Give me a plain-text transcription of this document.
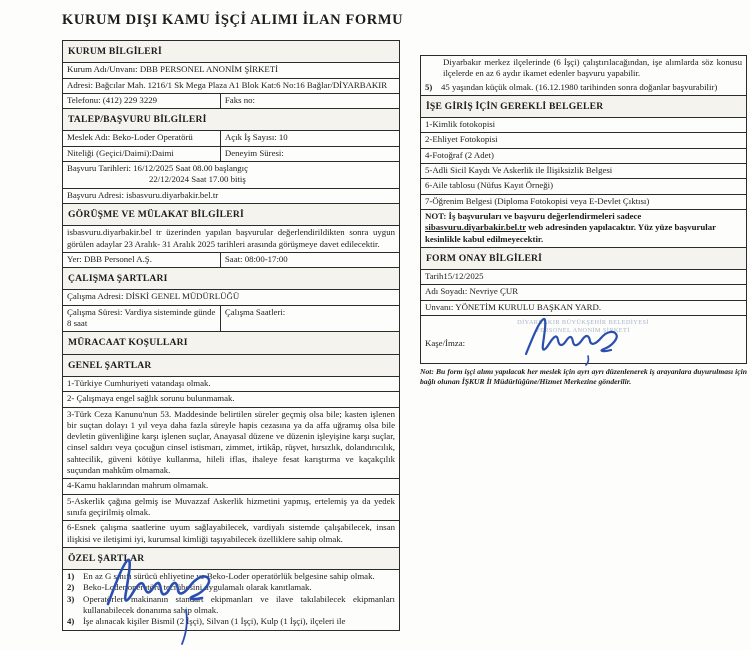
KURUM DIŞI KAMU İŞÇİ ALIMI İLAN FORMU
KURUM BİLGİLERİ
Kurum Adı/Unvanı: DBB PERSONEL ANONİM ŞİRKETİ
Adresi: Bağcılar Mah. 1216/1 Sk Mega Plaza A1 Blok Kat:6 No:16 Bağlar/DİYARBAKIR
Telefonu: (412) 229 3229	Faks no:
TALEP/BAŞVURU BİLGİLERİ
Meslek Adı: Beko-Loder Operatörü	Açık İş Sayısı: 10
Niteliği (Geçici/Daimi):Daimi	Deneyim Süresi:
Başvuru Tarihleri: 16/12/2025 Saat 08.00 başlangıç
22/12/2024 Saat 17.00 bitiş
Başvuru Adresi: isbasvuru.diyarbakir.bel.tr
GÖRÜŞME VE MÜLAKAT BİLGİLERİ
isbasvuru.diyarbakir.bel tr üzerinden yapılan başvurular değerlendirildikten sonra uygun görülen adaylar 23 Aralık- 31 Aralık 2025 tarihleri arasında görüşmeye davet edilecektir.
Yer: DBB Personel A.Ş.	Saat: 08:00-17:00
ÇALIŞMA ŞARTLARI
Çalışma Adresi: DİSKİ GENEL MÜDÜRLÜĞÜ
Çalışma Süresi: Vardiya sisteminde günde 8 saat
Çalışma Saatleri:
MÜRACAAT KOŞULLARI
GENEL ŞARTLAR
1-Türkiye Cumhuriyeti vatandaşı olmak.
2- Çalışmaya engel sağlık sorunu bulunmamak.
3-Türk Ceza Kanunu'nun 53. Maddesinde belirtilen süreler geçmiş olsa bile; kasten işlenen bir suçtan dolayı 1 yıl veya daha fazla süreyle hapis cezasına ya da affa uğramış olsa bile devletin güvenliğine karşı işlenen suçlar, Anayasal düzene ve düzenin işleyişine karşı suçlar, cinsel saldırı veya çocuğun cinsel istismarı, zimmet, irtikâp, rüşvet, hırsızlık, dolandırıcılık, sahtecilik, güveni kötüye kullanma, hileli iflas, ihaleye fesat karıştırma ve kaçakçılık suçundan mahkûm olmamak.
4-Kamu haklarından mahrum olmamak.
5-Askerlik çağına gelmiş ise Muvazzaf Askerlik hizmetini yapmış, ertelemiş ya da yedek sınıfa geçirilmiş olmak.
6-Esnek çalışma saatlerine uyum sağlayabilecek, vardiyalı sistemde çalışabilecek, insan ilişkisi ve iletişimi iyi, kurumsal kimliği taşıyabilecek özelliklere sahip olmak.
ÖZEL ŞARTLAR
1) En az G sınıfı sürücü ehliyetine ve Beko-Loder operatörlük belgesine sahip olmak.
2) Beko-Loder operatörü tecrübesini uygulamalı olarak kanıtlamak.
3) Operatörler makinanın standart ekipmanları ve ilave takılabilecek ekipmanları kullanabilecek donanıma sahip olmak.
4) İşe alınacak kişiler Bismil (2 İşçi), Silvan (1 İşçi), Kulp (1 İşçi), ilçeleri ile
Diyarbakır merkez ilçelerinde (6 İşçi) çalıştırılacağından, işe alımlarda söz konusu ilçelerde en az 6 aydır ikamet edenler başvuru yapabilir.
5) 45 yaşından küçük olmak. (16.12.1980 tarihinden sonra doğanlar başvurabilir)
İŞE GİRİŞ İÇİN GEREKLİ BELGELER
1-Kimlik fotokopisi
2-Ehliyet Fotokopisi
4-Fotoğraf (2 Adet)
5-Adli Sicil Kaydı Ve Askerlik ile İlişiksizlik Belgesi
6-Aile tablosu (Nüfus Kayıt Örneği)
7-Öğrenim Belgesi (Diploma Fotokopisi veya E-Devlet Çıktısı)
NOT: İş başvuruları ve başvuru değerlendirmeleri sadece sibasvuru.diyarbakir.bel.tr web adresinden yapılacaktır. Yüz yüze başvurular kesinlikle kabul edilmeyecektir.
FORM ONAY BİLGİLERİ
Tarih15/12/2025
Adı Soyadı: Nevriye ÇUR
Unvanı: YÖNETİM KURULU BAŞKAN YARD.
Kaşe/İmza:
DİYARBAKIR BÜYÜKŞEHİR BELEDİYESİ
PERSONEL ANONİM ŞİRKETİ
Not: Bu form işçi alımı yapılacak her meslek için ayrı ayrı düzenlenerek iş arayanlara duyurulması için bağlı olunan İŞKUR İl Müdürlüğüne/Hizmet Merkezine gönderilir.
